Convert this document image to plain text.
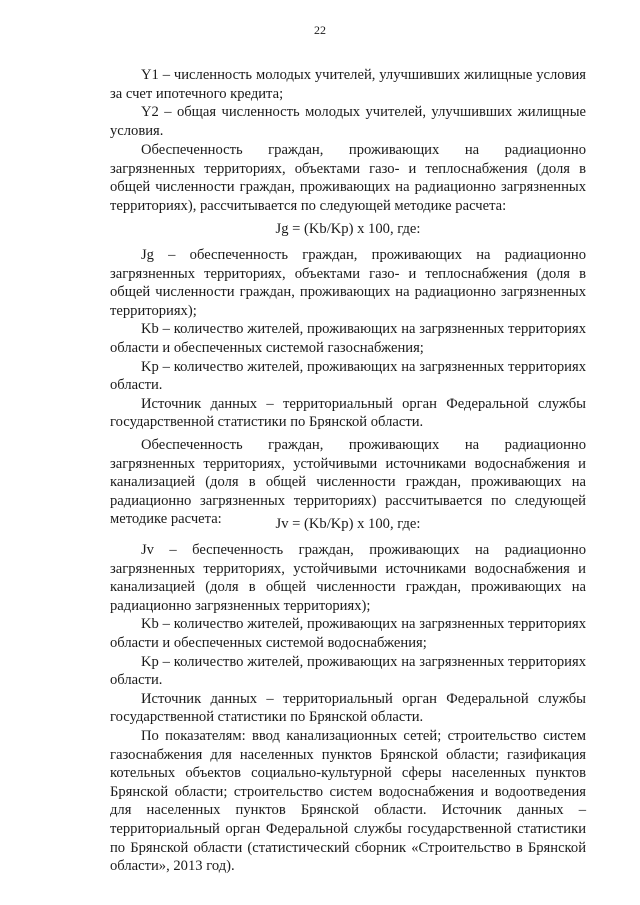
22

Y1 – численность молодых учителей, улучшивших жилищные условия за счет ипотечного кредита;

Y2 – общая численность молодых учителей, улучшивших жилищные условия.

Обеспеченность граждан, проживающих на радиационно загрязненных территориях, объектами газо- и теплоснабжения (доля в общей численности граждан, проживающих на радиационно загрязненных территориях), рассчитывается по следующей методике расчета:

Jg = (Kb/Kp) х 100, где:

Jg – обеспеченность граждан, проживающих на радиационно загрязненных территориях, объектами газо- и теплоснабжения (доля в общей численности граждан, проживающих на радиационно загрязненных территориях);

Kb – количество жителей, проживающих на загрязненных территориях области и обеспеченных системой газоснабжения;

Kp – количество жителей, проживающих на загрязненных территориях области.

Источник данных – территориальный орган Федеральной службы государственной статистики по Брянской области.

Обеспеченность граждан, проживающих на радиационно загрязненных территориях, устойчивыми источниками водоснабжения и канализацией (доля в общей численности граждан, проживающих на радиационно загрязненных территориях) рассчитывается по следующей методике расчета:	Jv = (Kb/Kp) х 100, где:

Jv – беспеченность граждан, проживающих на радиационно загрязненных территориях, устойчивыми источниками водоснабжения и канализацией (доля в общей численности граждан, проживающих на радиационно загрязненных территориях);

Kb – количество жителей, проживающих на загрязненных территориях области и обеспеченных системой водоснабжения;

Kp – количество жителей, проживающих на загрязненных территориях области.

Источник данных – территориальный орган Федеральной службы государственной статистики по Брянской области.

По показателям: ввод канализационных сетей; строительство систем газоснабжения для населенных пунктов Брянской области; газификация котельных объектов социально-культурной сферы населенных пунктов Брянской области; строительство систем водоснабжения и водоотведения для населенных пунктов Брянской области. Источник данных – территориальный орган Федеральной службы государственной статистики по Брянской области (статистический сборник «Строительство в Брянской области», 2013 год).
